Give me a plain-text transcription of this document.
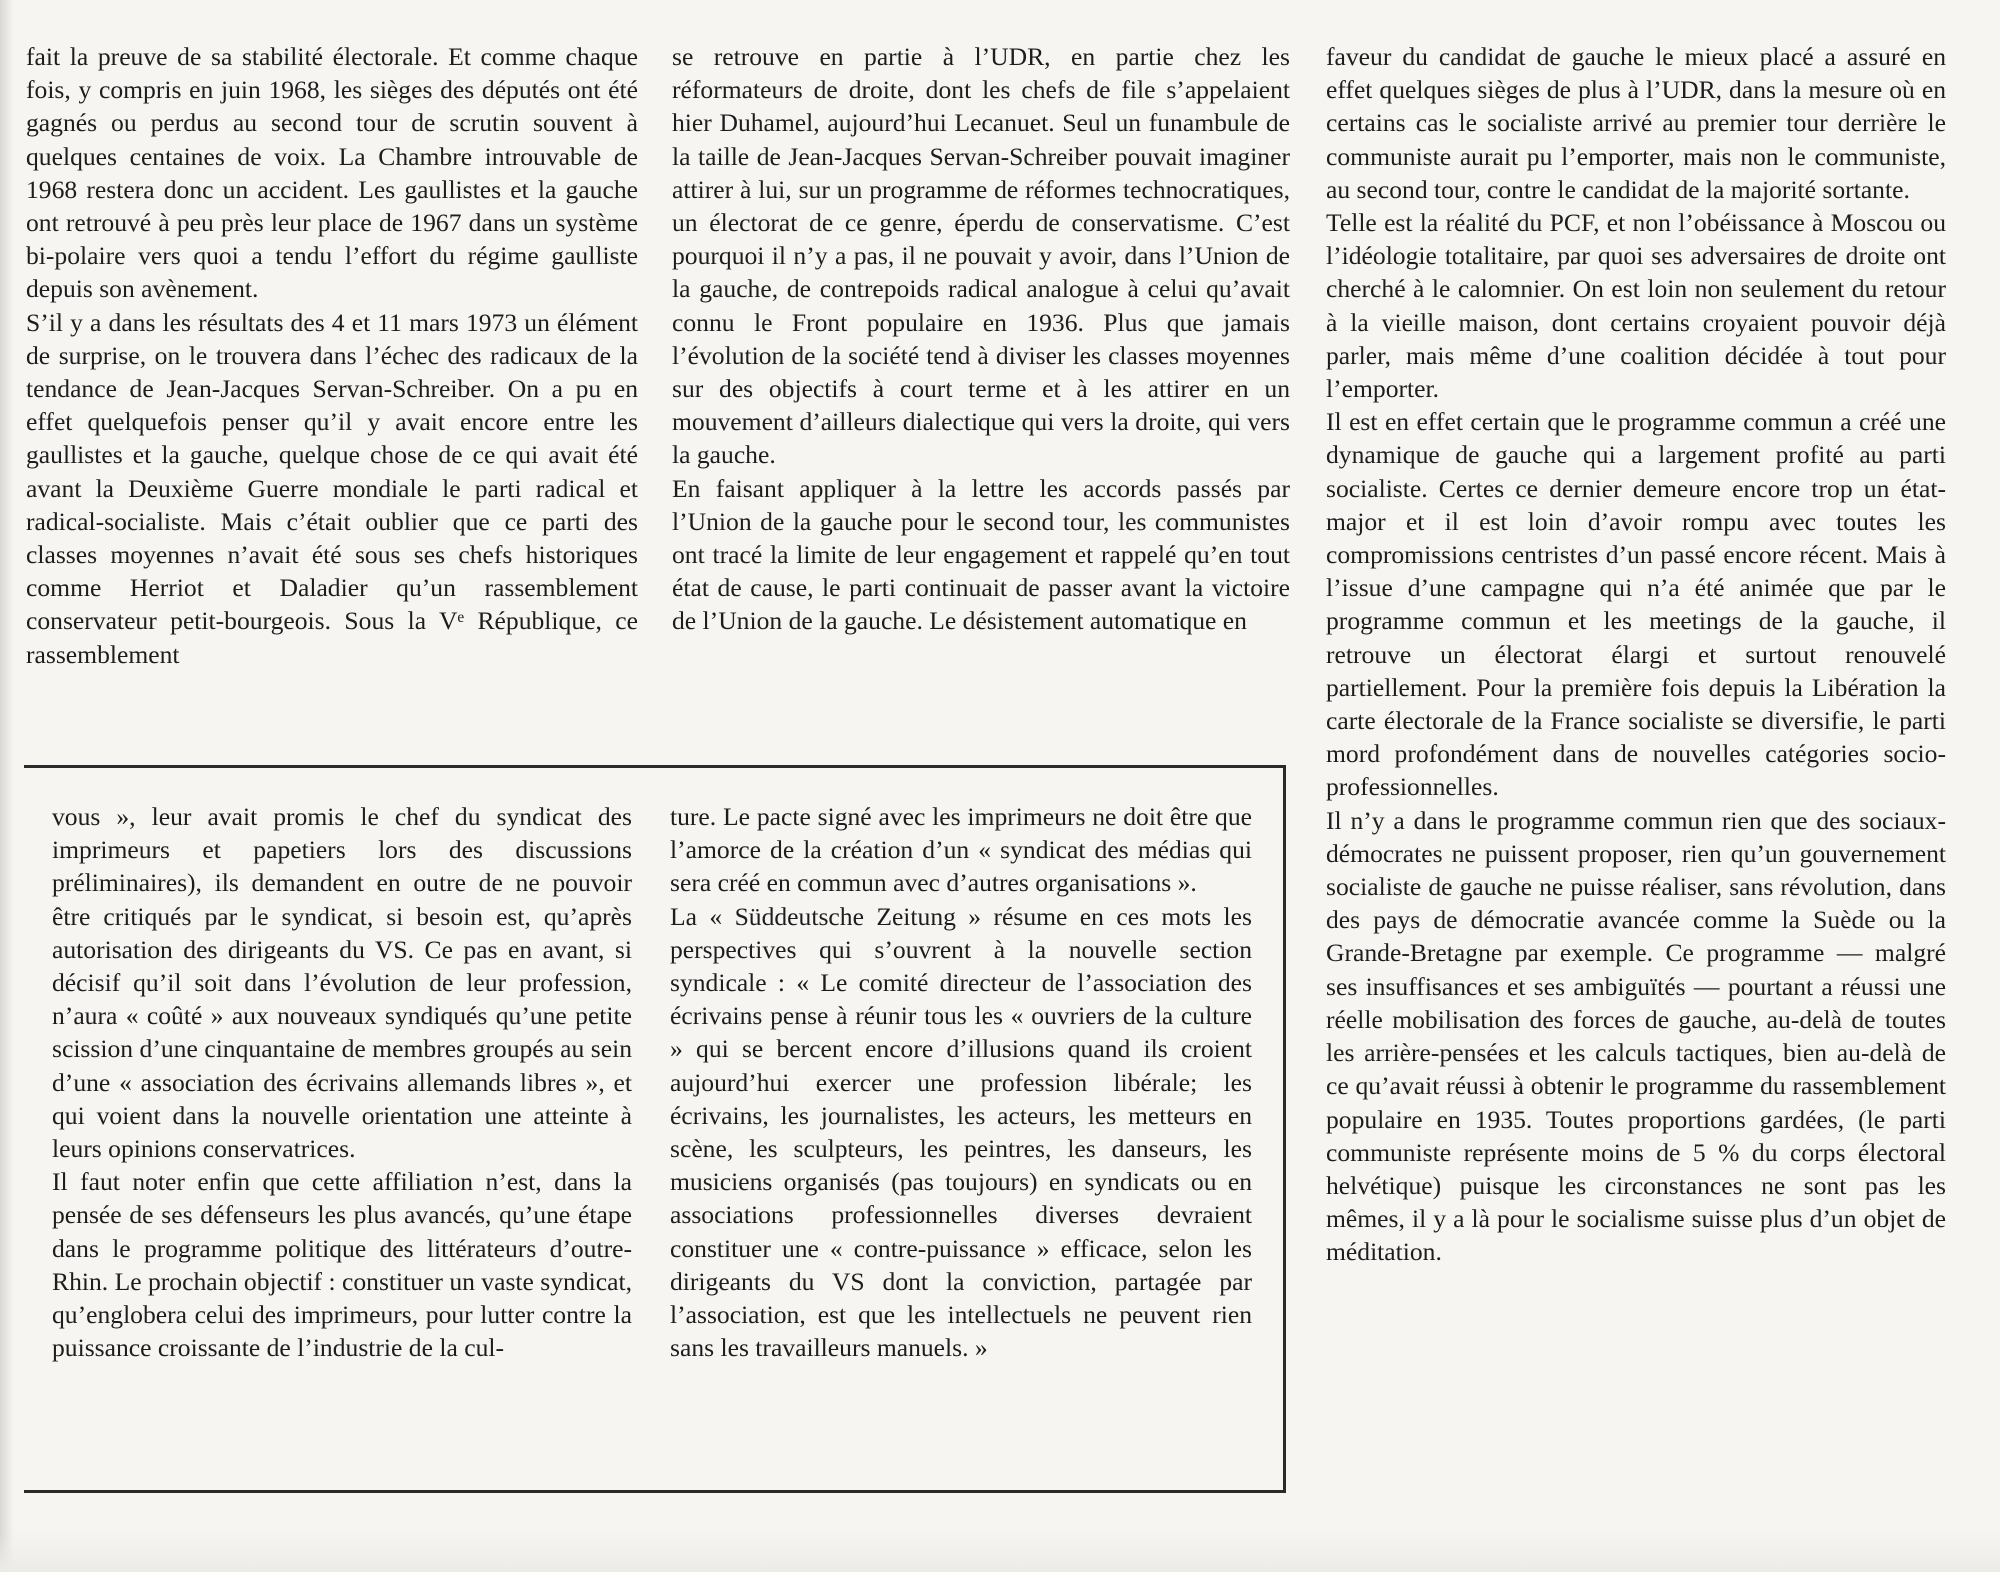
fait la preuve de sa stabilité électorale. Et comme chaque fois, y compris en juin 1968, les sièges des députés ont été gagnés ou perdus au second tour de scrutin souvent à quelques centaines de voix. La Chambre introuvable de 1968 restera donc un accident. Les gaullistes et la gauche ont retrouvé à peu près leur place de 1967 dans un système bi-polaire vers quoi a tendu l’effort du régime gaulliste depuis son avènement.

S’il y a dans les résultats des 4 et 11 mars 1973 un élément de surprise, on le trouvera dans l’échec des radicaux de la tendance de Jean-Jacques Servan-Schreiber. On a pu en effet quelquefois penser qu’il y avait encore entre les gaullistes et la gauche, quelque chose de ce qui avait été avant la Deuxième Guerre mondiale le parti radical et radical-socialiste. Mais c’était oublier que ce parti des classes moyennes n’avait été sous ses chefs historiques comme Herriot et Daladier qu’un rassemblement conservateur petit-bourgeois. Sous la Vᵉ République, ce rassemblement

se retrouve en partie à l’UDR, en partie chez les réformateurs de droite, dont les chefs de file s’appelaient hier Duhamel, aujourd’hui Lecanuet. Seul un funambule de la taille de Jean-Jacques Servan-Schreiber pouvait imaginer attirer à lui, sur un programme de réformes technocratiques, un électorat de ce genre, éperdu de conservatisme. C’est pourquoi il n’y a pas, il ne pouvait y avoir, dans l’Union de la gauche, de contrepoids radical analogue à celui qu’avait connu le Front populaire en 1936. Plus que jamais l’évolution de la société tend à diviser les classes moyennes sur des objectifs à court terme et à les attirer en un mouvement d’ailleurs dialectique qui vers la droite, qui vers la gauche.

En faisant appliquer à la lettre les accords passés par l’Union de la gauche pour le second tour, les communistes ont tracé la limite de leur engagement et rappelé qu’en tout état de cause, le parti continuait de passer avant la victoire de l’Union de la gauche. Le désistement automatique en

faveur du candidat de gauche le mieux placé a assuré en effet quelques sièges de plus à l’UDR, dans la mesure où en certains cas le socialiste arrivé au premier tour derrière le communiste aurait pu l’emporter, mais non le communiste, au second tour, contre le candidat de la majorité sortante.

Telle est la réalité du PCF, et non l’obéissance à Moscou ou l’idéologie totalitaire, par quoi ses adversaires de droite ont cherché à le calomnier. On est loin non seulement du retour à la vieille maison, dont certains croyaient pouvoir déjà parler, mais même d’une coalition décidée à tout pour l’emporter.

Il est en effet certain que le programme commun a créé une dynamique de gauche qui a largement profité au parti socialiste. Certes ce dernier demeure encore trop un état-major et il est loin d’avoir rompu avec toutes les compromissions centristes d’un passé encore récent. Mais à l’issue d’une campagne qui n’a été animée que par le programme commun et les meetings de la gauche, il retrouve un électorat élargi et surtout renouvelé partiellement. Pour la première fois depuis la Libération la carte électorale de la France socialiste se diversifie, le parti mord profondément dans de nouvelles catégories socio-professionnelles.

Il n’y a dans le programme commun rien que des sociaux-démocrates ne puissent proposer, rien qu’un gouvernement socialiste de gauche ne puisse réaliser, sans révolution, dans des pays de démocratie avancée comme la Suède ou la Grande-Bretagne par exemple. Ce programme — malgré ses insuffisances et ses ambiguïtés — pourtant a réussi une réelle mobilisation des forces de gauche, au-delà de toutes les arrière-pensées et les calculs tactiques, bien au-delà de ce qu’avait réussi à obtenir le programme du rassemblement populaire en 1935. Toutes proportions gardées, (le parti communiste représente moins de 5 % du corps électoral helvétique) puisque les circonstances ne sont pas les mêmes, il y a là pour le socialisme suisse plus d’un objet de méditation.

vous », leur avait promis le chef du syndicat des imprimeurs et papetiers lors des discussions préliminaires), ils demandent en outre de ne pouvoir être critiqués par le syndicat, si besoin est, qu’après autorisation des dirigeants du VS. Ce pas en avant, si décisif qu’il soit dans l’évolution de leur profession, n’aura « coûté » aux nouveaux syndiqués qu’une petite scission d’une cinquantaine de membres groupés au sein d’une « association des écrivains allemands libres », et qui voient dans la nouvelle orientation une atteinte à leurs opinions conservatrices.

Il faut noter enfin que cette affiliation n’est, dans la pensée de ses défenseurs les plus avancés, qu’une étape dans le programme politique des littérateurs d’outre-Rhin. Le prochain objectif : constituer un vaste syndicat, qu’englobera celui des imprimeurs, pour lutter contre la puissance croissante de l’industrie de la cul-

ture. Le pacte signé avec les imprimeurs ne doit être que l’amorce de la création d’un « syndicat des médias qui sera créé en commun avec d’autres organisations ».

La « Süddeutsche Zeitung » résume en ces mots les perspectives qui s’ouvrent à la nouvelle section syndicale : « Le comité directeur de l’association des écrivains pense à réunir tous les « ouvriers de la culture » qui se bercent encore d’illusions quand ils croient aujourd’hui exercer une profession libérale; les écrivains, les journalistes, les acteurs, les metteurs en scène, les sculpteurs, les peintres, les danseurs, les musiciens organisés (pas toujours) en syndicats ou en associations professionnelles diverses devraient constituer une « contre-puissance » efficace, selon les dirigeants du VS dont la conviction, partagée par l’association, est que les intellectuels ne peuvent rien sans les travailleurs manuels. »
